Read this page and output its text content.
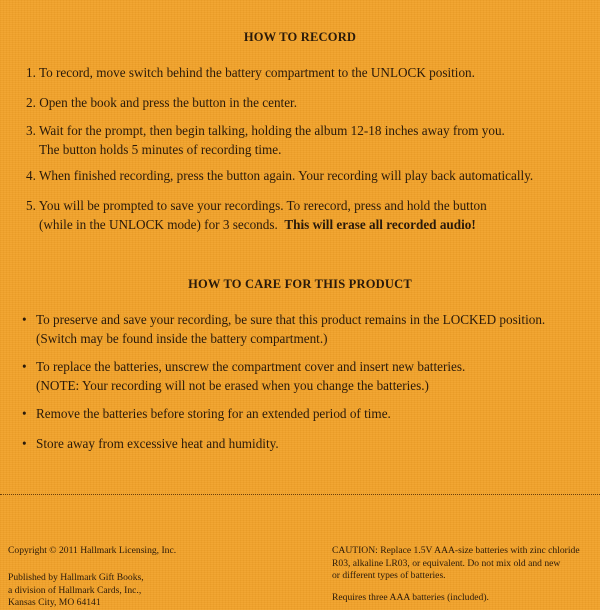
HOW TO RECORD
1. To record, move switch behind the battery compartment to the UNLOCK position.
2. Open the book and press the button in the center.
3. Wait for the prompt, then begin talking, holding the album 12-18 inches away from you.
The button holds 5 minutes of recording time.
4. When finished recording, press the button again. Your recording will play back automatically.
5. You will be prompted to save your recordings. To rerecord, press and hold the button
(while in the UNLOCK mode) for 3 seconds. This will erase all recorded audio!
HOW TO CARE FOR THIS PRODUCT
• To preserve and save your recording, be sure that this product remains in the LOCKED position.
(Switch may be found inside the battery compartment.)
• To replace the batteries, unscrew the compartment cover and insert new batteries.
(NOTE: Your recording will not be erased when you change the batteries.)
• Remove the batteries before storing for an extended period of time.
• Store away from excessive heat and humidity.
Copyright © 2011 Hallmark Licensing, Inc.
Published by Hallmark Gift Books,
a division of Hallmark Cards, Inc.,
Kansas City, MO 64141
CAUTION: Replace 1.5V AAA-size batteries with zinc chloride
R03, alkaline LR03, or equivalent. Do not mix old and new
or different types of batteries.
Requires three AAA batteries (included).
